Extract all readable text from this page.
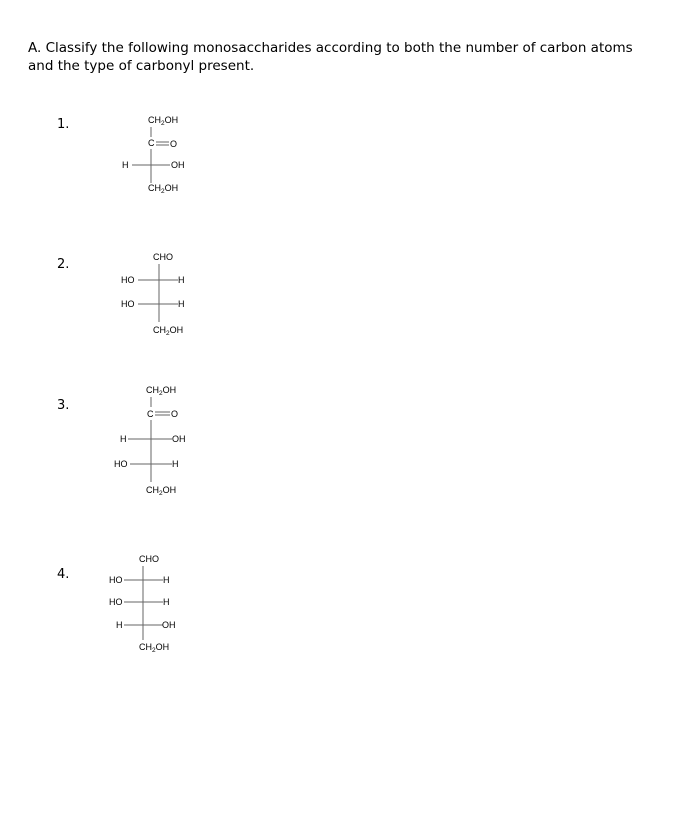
A. Classify the following monosaccharides according to both the number of carbon atoms and the type of carbonyl present.
1.
2.
3.
4.
$CH_2OH$
C O
H	OH
$CH_2OH$
CHO
HO	H
HO	H
$CH_2OH$
$CH_2OH$
C O
H	OH
HO	H
$CH_2OH$
CHO
HO	H
HO	H
H	OH
$CH_2OH$
